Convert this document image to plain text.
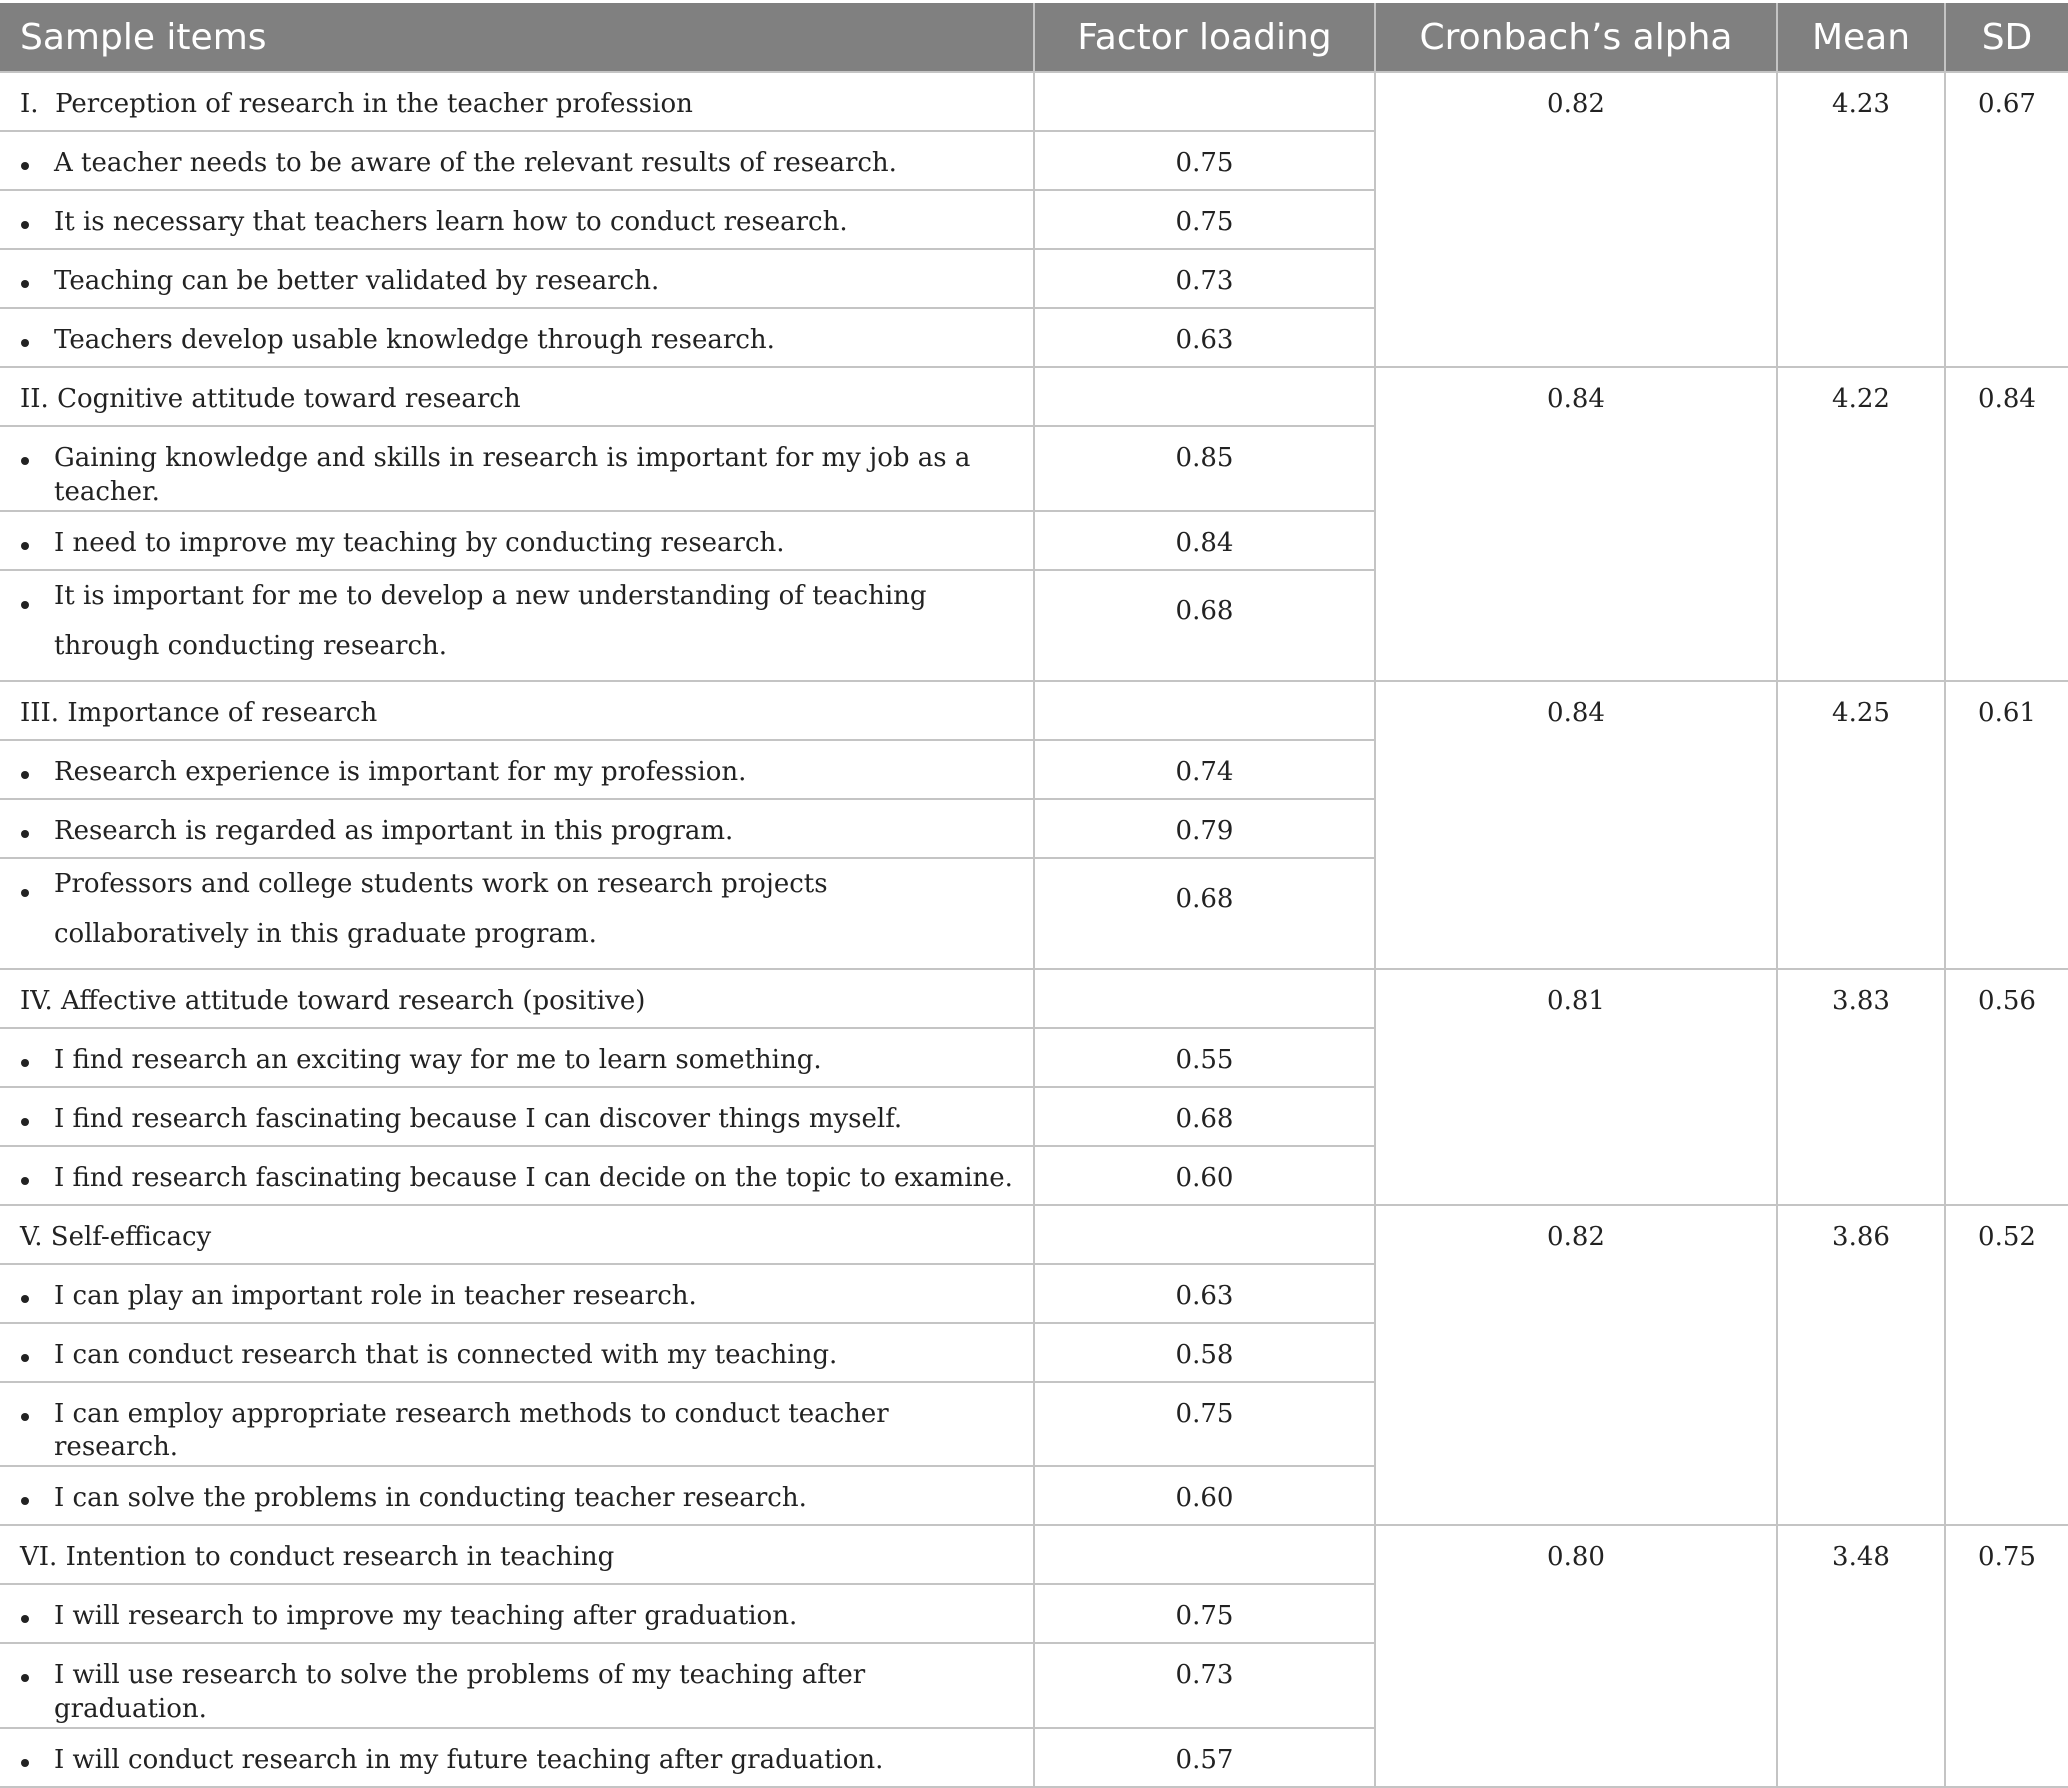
Sample items	Factor loading	Cronbach’s alpha	Mean	SD
I.  Perception of research in the teacher profession		0.82	4.23	0.67

A teacher needs to be aware of the relevant results of research.	0.75			

It is necessary that teachers learn how to conduct research.	0.75			

Teaching can be better validated by research.	0.73			

Teachers develop usable knowledge through research.	0.63			
II. Cognitive attitude toward research		0.84	4.22	0.84

Gaining knowledge and skills in research is important for my job as a teacher.	0.85			

I need to improve my teaching by conducting research.	0.84			

It is important for me to develop a new understanding of teaching through conducting research.	0.68			
III. Importance of research		0.84	4.25	0.61

Research experience is important for my profession.	0.74			

Research is regarded as important in this program.	0.79			

Professors and college students work on research projects collaboratively in this graduate program.	0.68			
IV. Affective attitude toward research (positive)		0.81	3.83	0.56

I find research an exciting way for me to learn something.	0.55			

I find research fascinating because I can discover things myself.	0.68			

I find research fascinating because I can decide on the topic to examine.	0.60			
V. Self-efficacy		0.82	3.86	0.52

I can play an important role in teacher research.	0.63			

I can conduct research that is connected with my teaching.	0.58			

I can employ appropriate research methods to conduct teacher research.	0.75			

I can solve the problems in conducting teacher research.	0.60			
VI. Intention to conduct research in teaching		0.80	3.48	0.75

I will research to improve my teaching after graduation.	0.75			

I will use research to solve the problems of my teaching after graduation.	0.73			

I will conduct research in my future teaching after graduation.	0.57			
